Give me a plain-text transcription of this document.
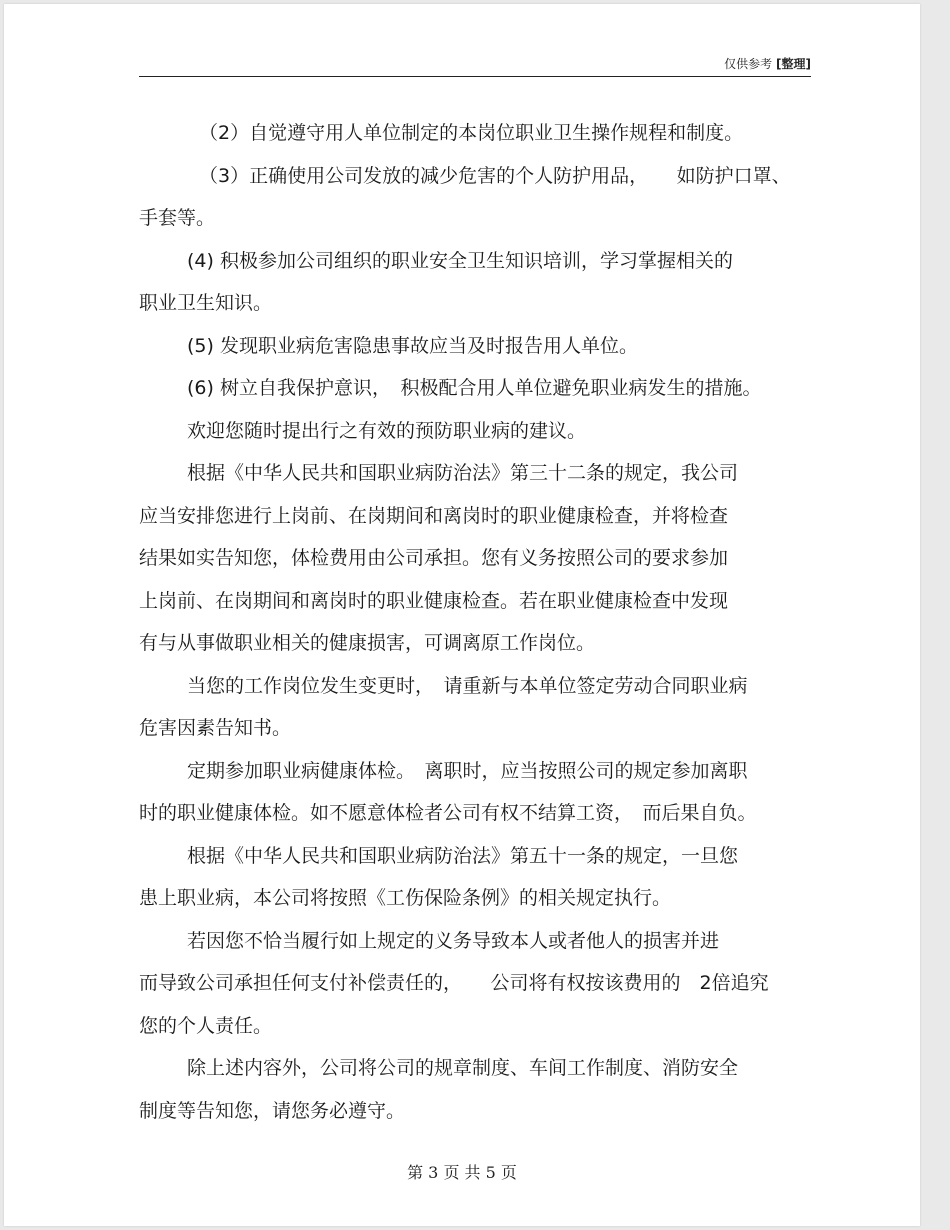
仅供参考 [整理]

（2）自觉遵守用人单位制定的本岗位职业卫生操作规程和制度。

（3）正确使用公司发放的减少危害的个人防护用品，　　如防护口罩、

手套等。

(4) 积极参加公司组织的职业安全卫生知识培训，学习掌握相关的

职业卫生知识。

(5) 发现职业病危害隐患事故应当及时报告用人单位。

(6) 树立自我保护意识，　积极配合用人单位避免职业病发生的措施。

欢迎您随时提出行之有效的预防职业病的建议。

根据《中华人民共和国职业病防治法》第三十二条的规定，我公司

应当安排您进行上岗前、在岗期间和离岗时的职业健康检查，并将检查

结果如实告知您，体检费用由公司承担。您有义务按照公司的要求参加

上岗前、在岗期间和离岗时的职业健康检查。若在职业健康检查中发现

有与从事做职业相关的健康损害，可调离原工作岗位。

当您的工作岗位发生变更时，　请重新与本单位签定劳动合同职业病

危害因素告知书。

定期参加职业病健康体检。　离职时，应当按照公司的规定参加离职

时的职业健康体检。如不愿意体检者公司有权不结算工资，　而后果自负。

根据《中华人民共和国职业病防治法》第五十一条的规定，一旦您

患上职业病，本公司将按照《工伤保险条例》的相关规定执行。

若因您不恰当履行如上规定的义务导致本人或者他人的损害并进

而导致公司承担任何支付补偿责任的，　　公司将有权按该费用的　2倍追究

您的个人责任。

除上述内容外，公司将公司的规章制度、车间工作制度、消防安全

制度等告知您，请您务必遵守。

第 3 页 共 5 页
